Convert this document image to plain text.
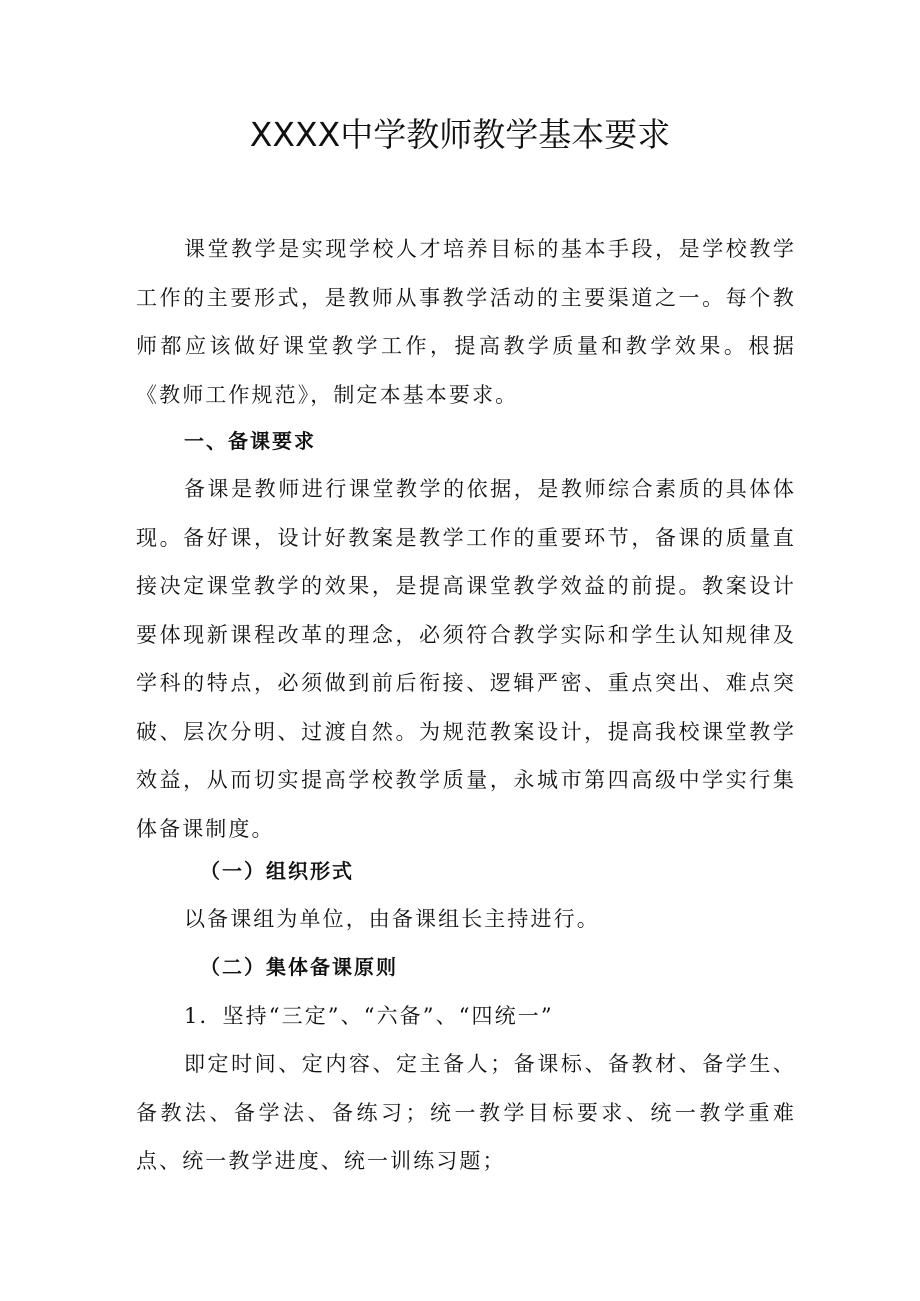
XXXX中学教师教学基本要求

课堂教学是实现学校人才培养目标的基本手段，是学校教学工作的主要形式，是教师从事教学活动的主要渠道之一。每个教师都应该做好课堂教学工作，提高教学质量和教学效果。根据《教师工作规范》，制定本基本要求。

一、备课要求

备课是教师进行课堂教学的依据，是教师综合素质的具体体现。备好课，设计好教案是教学工作的重要环节，备课的质量直接决定课堂教学的效果，是提高课堂教学效益的前提。教案设计要体现新课程改革的理念，必须符合教学实际和学生认知规律及学科的特点，必须做到前后衔接、逻辑严密、重点突出、难点突破、层次分明、过渡自然。为规范教案设计，提高我校课堂教学效益，从而切实提高学校教学质量，永城市第四高级中学实行集体备课制度。

（一）组织形式

以备课组为单位，由备课组长主持进行。

（二）集体备课原则

1．坚持“三定”、“六备”、“四统一”

即定时间、定内容、定主备人；备课标、备教材、备学生、备教法、备学法、备练习；统一教学目标要求、统一教学重难点、统一教学进度、统一训练习题；
